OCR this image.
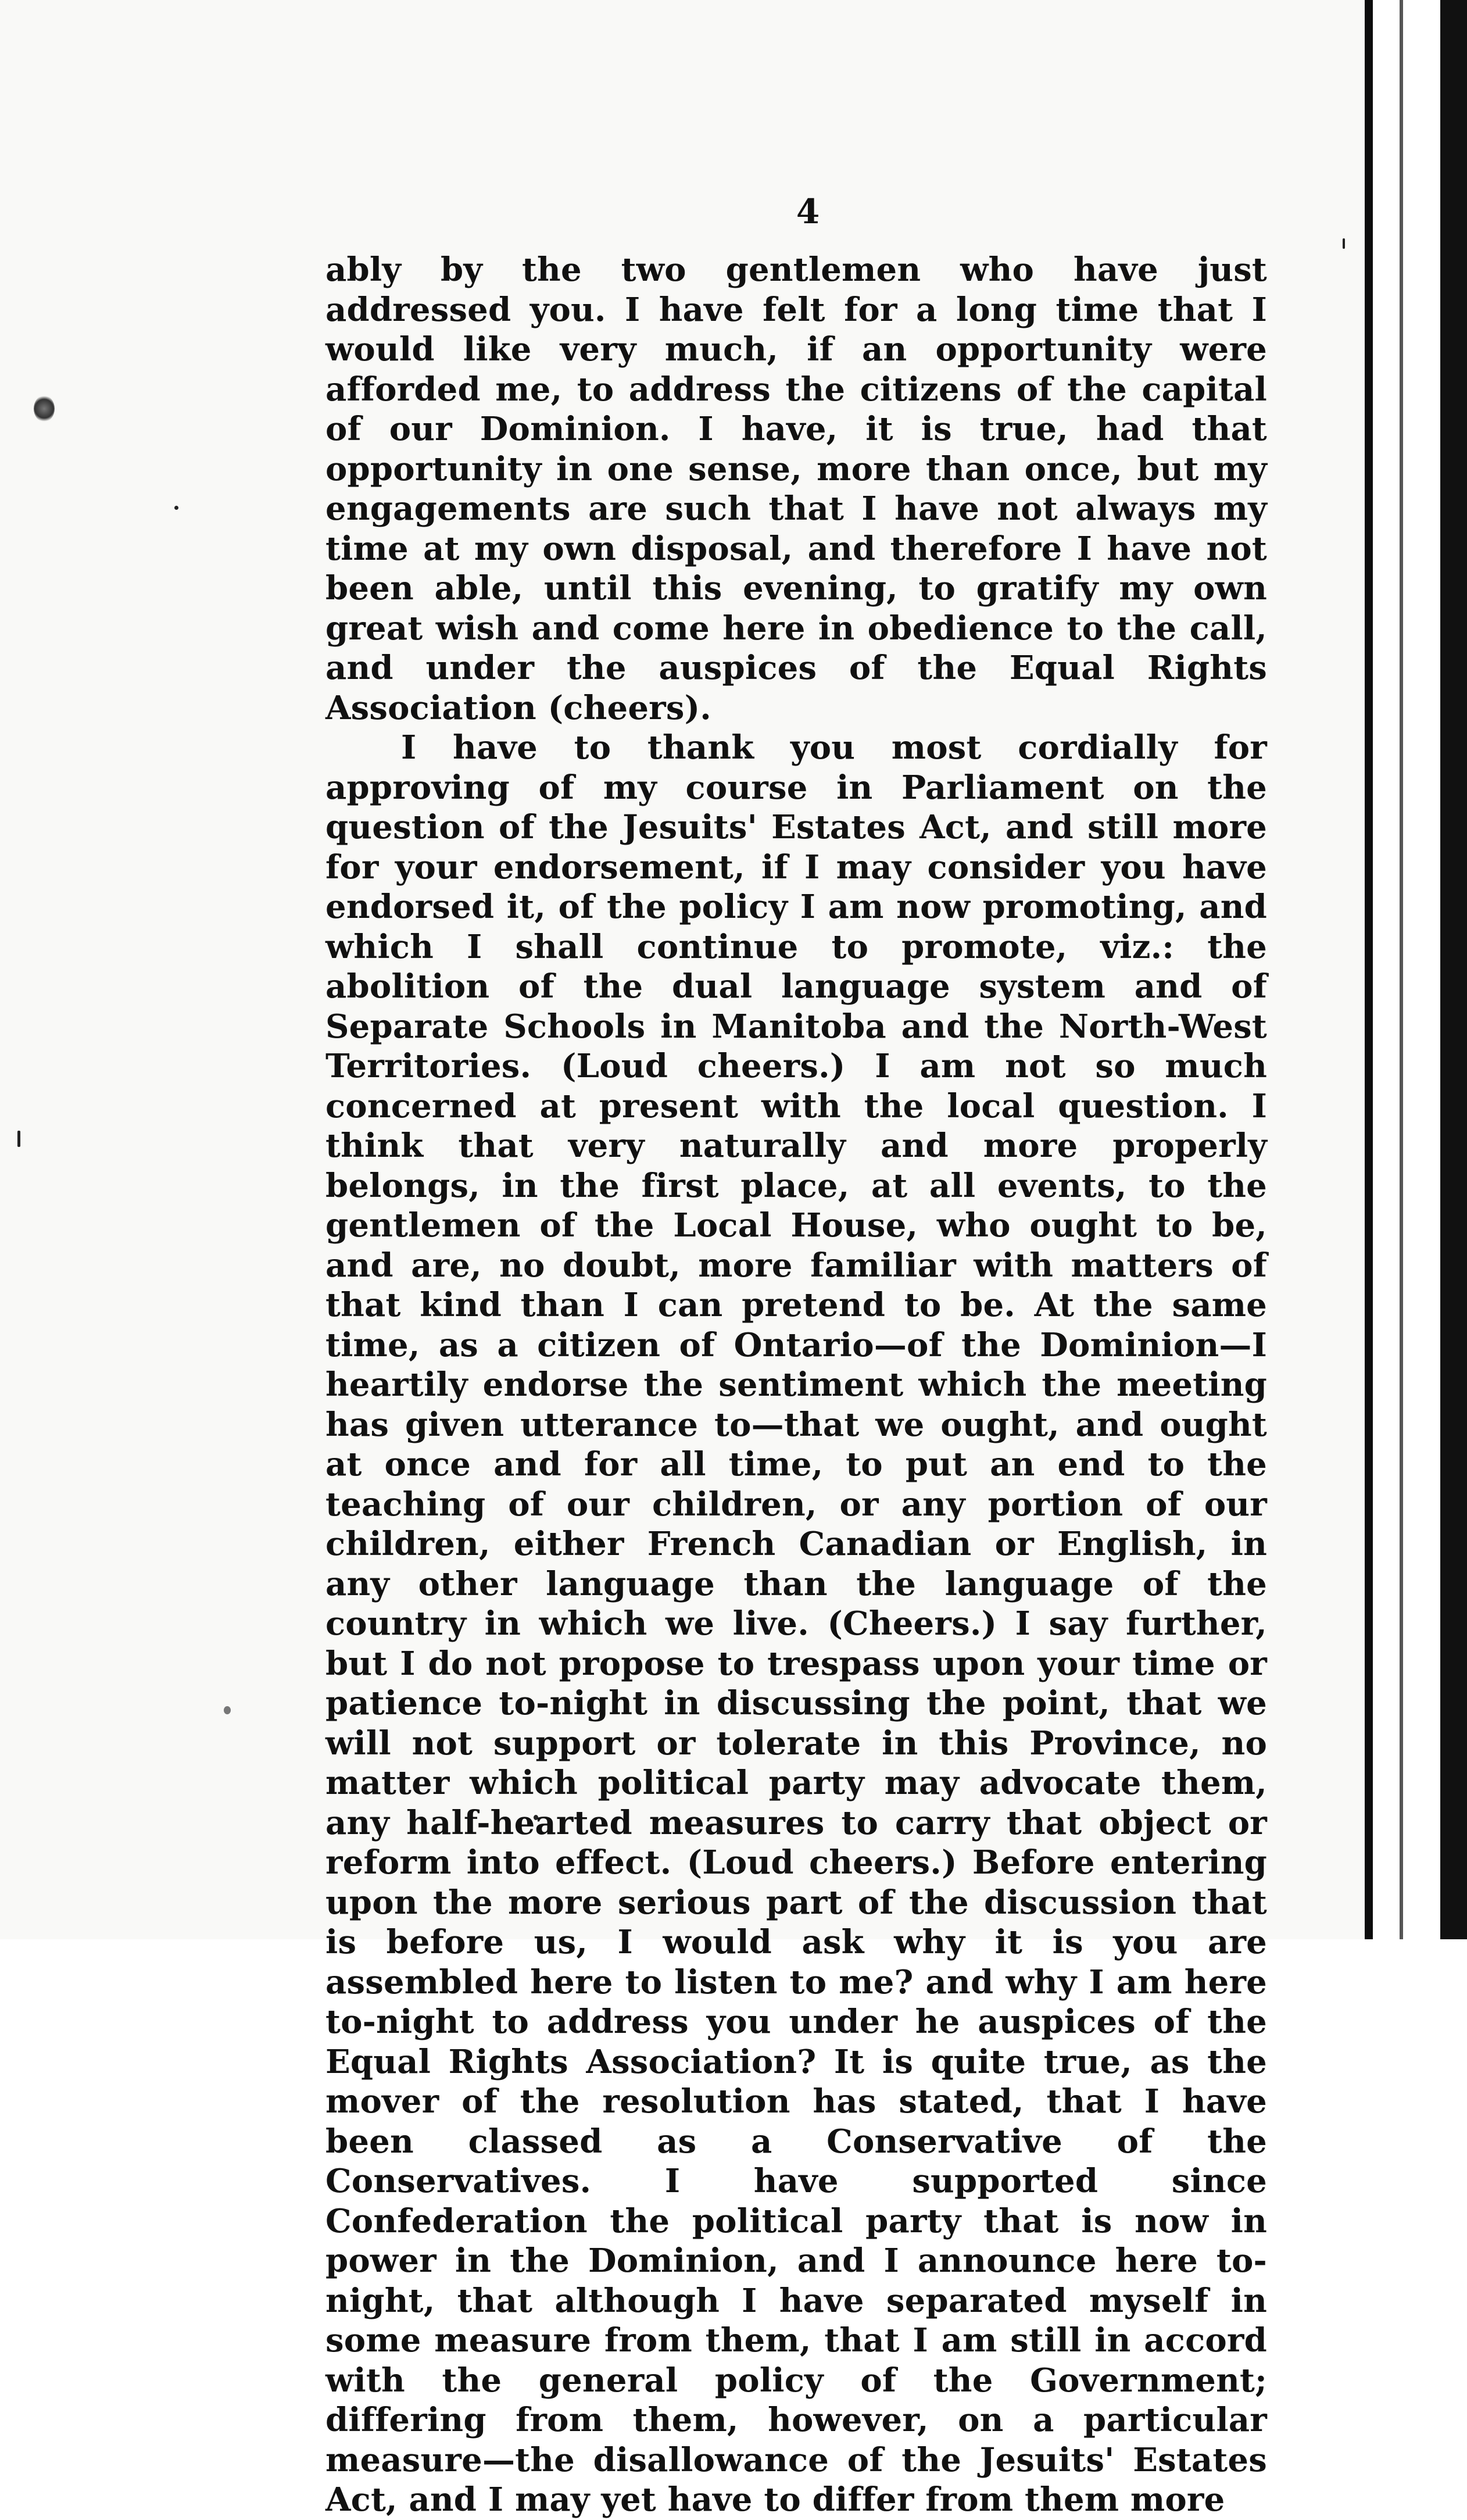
4

ably by the two gentlemen who have just addressed you. I have felt for a long time that I would like very much, if an opportunity were afforded me, to address the citizens of the capital of our Dominion. I have, it is true, had that opportunity in one sense, more than once, but my engagements are such that I have not always my time at my own disposal, and therefore I have not been able, until this evening, to gratify my own great wish and come here in obedience to the call, and under the auspices of the Equal Rights Association (cheers).

I have to thank you most cordially for approving of my course in Parliament on the question of the Jesuits' Estates Act, and still more for your endorsement, if I may consider you have endorsed it, of the policy I am now promoting, and which I shall continue to promote, viz.: the abolition of the dual language system and of Separate Schools in Manitoba and the North-West Territories. (Loud cheers.) I am not so much concerned at present with the local question. I think that very naturally and more properly belongs, in the first place, at all events, to the gentlemen of the Local House, who ought to be, and are, no doubt, more familiar with matters of that kind than I can pretend to be. At the same time, as a citizen of Ontario—of the Dominion—I heartily endorse the sentiment which the meeting has given utterance to—that we ought, and ought at once and for all time, to put an end to the teaching of our children, or any portion of our children, either French Canadian or English, in any other language than the language of the country in which we live. (Cheers.) I say further, but I do not propose to trespass upon your time or patience to-night in discussing the point, that we will not support or tolerate in this Province, no matter which political party may advocate them, any half-hearted measures to carry that object or reform into effect. (Loud cheers.) Before entering upon the more serious part of the discussion that is before us, I would ask why it is you are assembled here to listen to me? and why I am here to-night to address you under he auspices of the Equal Rights Association? It is quite true, as the mover of the resolution has stated, that I have been classed as a Conservative of the Conservatives. I have supported since Confederation the political party that is now in power in the Dominion, and I announce here to-night, that although I have separated myself in some measure from them, that I am still in accord with the general policy of the Government; differing from them, however, on a particular measure—the disallowance of the Jesuits' Estates Act, and I may yet have to differ from them more
